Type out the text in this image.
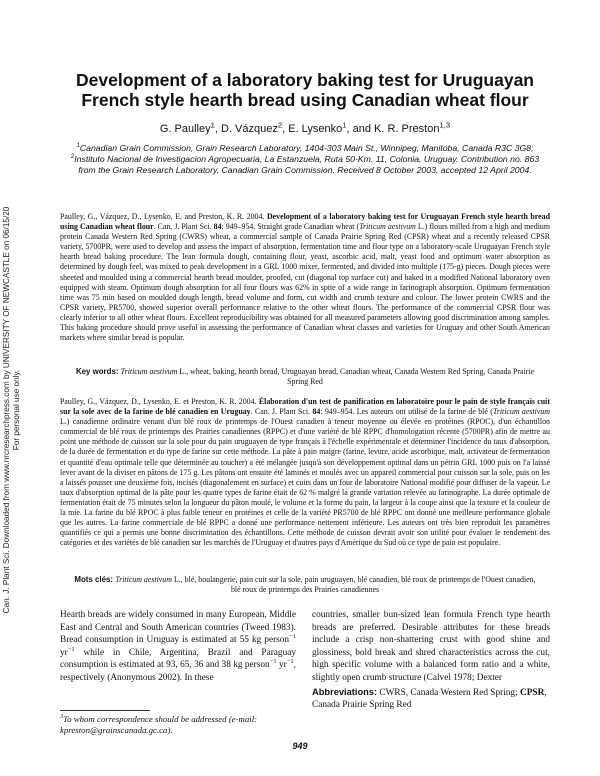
Can. J. Plant Sci. Downloaded from www.nrcresearchpress.com by UNIVERSITY OF NEWCASTLE on 06/15/20 For personal use only.
Development of a laboratory baking test for Uruguayan
French style hearth bread using Canadian wheat flour
G. Paulley$^1$, D. Vázquez$^2$, E. Lysenko$^1$, and K. R. Preston$^{1,3}$
$^1$Canadian Grain Commission, Grain Research Laboratory, 1404-303 Main St., Winnipeg, Manitoba, Canada R3C 3G8; $^2$Instituto Nacional de Investigacion Agropecuaria, La Estanzuela, Ruta 50-Km. 11, Colonia, Uruguay. Contribution no. 863 from the Grain Research Laboratory, Canadian Grain Commission. Received 8 October 2003, accepted 12 April 2004.
Paulley, G., Vázquez, D., Lysenko, E. and Preston, K. R. 2004. Development of a laboratory baking test for Uruguayan French style hearth bread using Canadian wheat flour. Can. J. Plant Sci. 84: 949–954. Straight grade Canadian wheat (Triticum aestivum L.) flours milled from a high and medium protein Canada Western Red Spring (CWRS) wheat, a commercial sample of Canada Prairie Spring Red (CPSR) wheat and a recently released CPSR variety, 5700PR, were used to develop and assess the impact of absorption, fermentation time and flour type on a laboratory-scale Uruguayan French style hearth bread baking procedure. The lean formula dough, containing flour, yeast, ascorbic acid, malt, yeast food and optimum water absorption as determined by dough feel, was mixed to peak development in a GRL 1000 mixer, fermented, and divided into multiple (175-g) pieces. Dough pieces were sheeted and moulded using a commercial hearth bread moulder, proofed, cut (diagonal top surface cut) and baked in a modified National laboratory oven equipped with steam. Optimum dough absorption for all four flours was 62% in spite of a wide range in farinograph absorption. Optimum fermentation time was 75 min based on moulded dough length, bread volume and form, cut width and crumb texture and colour. The lower protein CWRS and the CPSR variety, PR5700, showed superior overall performance relative to the other wheat flours. The performance of the commercial CPSR flour was clearly inferior to all other wheat flours. Excellent reproducibility was obtained for all measured parameters allowing good discrimination among samples. This baking procedure should prove useful in assessing the performance of Canadian wheat classes and varieties for Uruguay and other South American markets where similar bread is popular.
Key words: Triticum aestivum L., wheat, baking, hearth bread, Uruguayan bread, Canadian wheat, Canada Western Red Spring, Canada Prairie Spring Red
Paulley, G., Vázquez, D., Lysenko, E. et Preston, K. R. 2004. Élaboration d'un test de panification en laboratoire pour le pain de style français cuit sur la sole avec de la farine de blé canadien en Uruguay. Can. J. Plant Sci. 84: 949–954. Les auteurs ont utilisé de la farine de blé (Triticum aestivum L.) canadienne ordinaire venant d'un blé roux de printemps de l'Ouest canadien à teneur moyenne ou élevée en protéines (RPOC), d'un échantillon commercial de blé roux de printemps des Prairies canadiennes (RPPC) et d'une variété de blé RPPC d'homologation récente (5700PR) afin de mettre au point une méthode de cuisson sur la sole pour du pain uruguayen de type français à l'échelle expérimentale et déterminer l'incidence du taux d'absorption, de la durée de fermentation et du type de farine sur cette méthode. La pâte à pain maigre (farine, levure, acide ascorbique, malt, activateur de fermentation et quantité d'eau optimale telle que déterminée au toucher) a été mélangée jusqu'à son développement optimal dans un pétrin GRL 1000 puis on l'a laissé lever avant de la diviser en pâtons de 175 g. Les pâtons ont ensuite été laminés et moulés avec un appareil commercial pour cuisson sur la sole, puis on les a laissés pousser une deuxième fois, incisés (diagonalement en surface) et cuits dans un four de laboratoire National modifié pour diffuser de la vapeur. Le taux d'absorption optimal de la pâte pour les quatre types de farine était de 62 % malgré la grande variation relevée au farinographe. La durée optimale de fermentation était de 75 minutes selon la longueur du pâton moulé, le volume et la forme du pain, la largeur à la coupe ainsi que la texture et la couleur de la mie. La farine du blé RPOC à plus faible teneur en protéines et celle de la variété PR5700 de blé RPPC ont donné une meilleure performance globale que les autres. La farine commerciale de blé RPPC a donné une performance nettement inférieure. Les auteurs ont très bien reproduit les paramètres quantifiés ce qui a permis une bonne discrimination des échantillons. Cette méthode de cuisson devrait avoir son utilité pour évaluer le rendement des catégories et des variétés de blé canadien sur les marchés de l'Uruguay et d'autres pays d'Amérique du Sud où ce type de pain est populaire.
Mots clés: Triticum aestivum L., blé, boulangerie, pain cuit sur la sole, pain uruguayen, blé canadien, blé roux de printemps de l'Ouest canadien, blé roux de printemps des Prairies canadiennes
Hearth breads are widely consumed in many European, Middle East and Central and South American countries (Tweed 1983). Bread consumption in Uruguay is estimated at 55 kg person$^{-1}$ $yr^{-1}$ while in Chile, Argentina, Brazil and Paraguay consumption is estimated at 93, 65, 36 and 38 kg person$^{-1}$ $yr^{-1}$, respectively (Anonymous 2002). In these
$^3$To whom correspondence should be addressed (e-mail: kpreston@grainscanada.gc.ca).
countries, smaller bun-sized lean formula French type hearth breads are preferred. Desirable attributes for these breads include a crisp non-shattering crust with good shine and glossiness, bold break and shred characteristics across the cut, high specific volume with a balanced form ratio and a white, slightly open crumb structure (Calvel 1978; Dexter
Abbreviations: CWRS, Canada Western Red Spring; CPSR, Canada Prairie Spring Red
949
